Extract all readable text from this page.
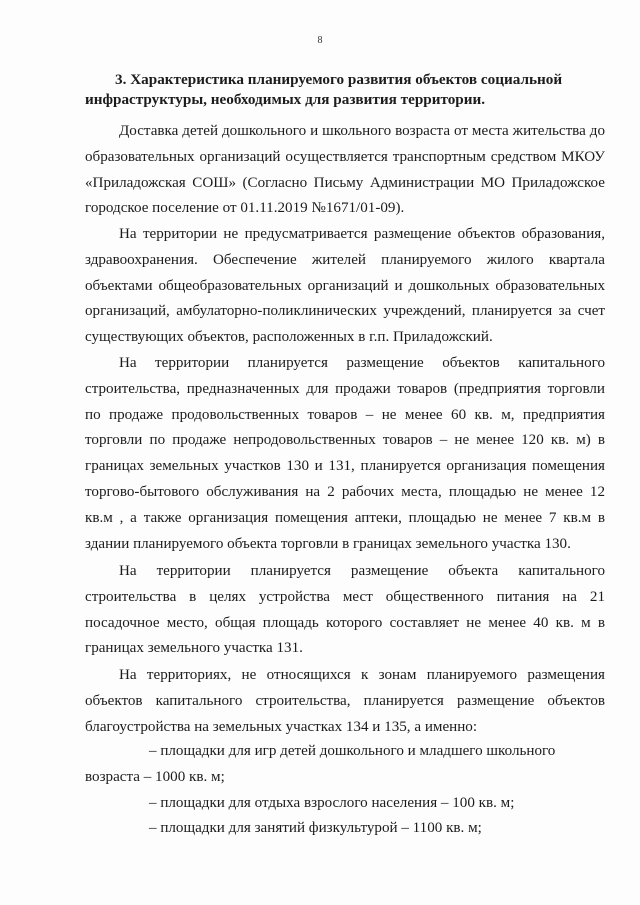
8

3. Характеристика планируемого развития объектов социальной инфраструктуры, необходимых для развития территории.

Доставка детей дошкольного и школьного возраста от места жительства до образовательных организаций осуществляется транспортным средством МКОУ «Приладожская СОШ» (Согласно Письму Администрации МО Приладожское городское поселение от 01.11.2019 №1671/01-09).

На территории не предусматривается размещение объектов образования, здравоохранения. Обеспечение жителей планируемого жилого квартала объектами общеобразовательных организаций и дошкольных образовательных организаций, амбулаторно-поликлинических учреждений, планируется за счет существующих объектов, расположенных в г.п. Приладожский.

На территории планируется размещение объектов капитального строительства, предназначенных для продажи товаров (предприятия торговли по продаже продовольственных товаров – не менее 60 кв. м, предприятия торговли по продаже непродовольственных товаров – не менее 120 кв. м) в границах земельных участков 130 и 131, планируется организация помещения торгово-бытового обслуживания на 2 рабочих места, площадью не менее 12 кв.м , а также организация помещения аптеки, площадью не менее 7 кв.м в здании планируемого объекта торговли в границах земельного участка 130.

На территории планируется размещение объекта капитального строительства в целях устройства мест общественного питания на 21 посадочное место, общая площадь которого составляет не менее 40 кв. м в границах земельного участка 131.

На территориях, не относящихся к зонам планируемого размещения объектов капитального строительства, планируется размещение объектов благоустройства на земельных участках 134 и 135, а именно:

– площадки для игр детей дошкольного и младшего школьного возраста – 1000 кв. м;
– площадки для отдыха взрослого населения – 100 кв. м;
– площадки для занятий физкультурой – 1100 кв. м;
